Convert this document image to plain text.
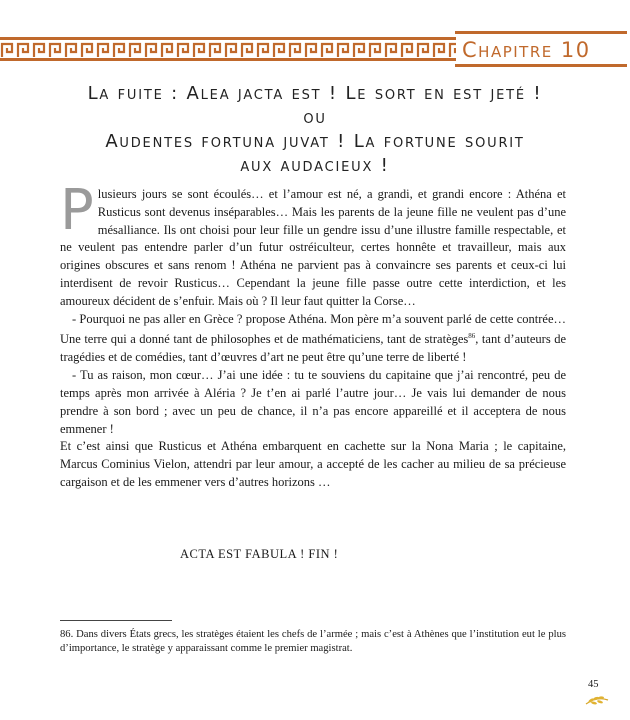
Chapitre 10
La fuite : Alea jacta est ! Le sort en est jeté !
ou
Audentes fortuna juvat ! La fortune sourit
aux audacieux !

Plusieurs jours se sont écoulés… et l’amour est né, a grandi, et grandi encore : Athéna et Rusticus sont devenus inséparables… Mais les parents de la jeune fille ne veulent pas d’une mésalliance. Ils ont choisi pour leur fille un gendre issu d’une illustre famille respectable, et ne veulent pas entendre parler d’un futur ostréiculteur, certes honnête et travailleur, mais aux origines obscures et sans renom ! Athéna ne parvient pas à convaincre ses parents et ceux-ci lui interdisent de revoir Rusticus… Cependant la jeune fille passe outre cette interdiction, et les amoureux décident de s’enfuir. Mais où ? Il leur faut quitter la Corse…

- Pourquoi ne pas aller en Grèce ? propose Athéna. Mon père m’a souvent parlé de cette contrée… Une terre qui a donné tant de philosophes et de mathématiciens, tant de stratèges$^{86}$, tant d’auteurs de tragédies et de comédies, tant d’œuvres d’art ne peut être qu’une terre de liberté !

- Tu as raison, mon cœur… J’ai une idée : tu te souviens du capitaine que j’ai rencontré, peu de temps après mon arrivée à Aléria ? Je t’en ai parlé l’autre jour… Je vais lui demander de nous prendre à son bord ; avec un peu de chance, il n’a pas encore appareillé et il acceptera de nous emmener !

Et c’est ainsi que Rusticus et Athéna embarquent en cachette sur la Nona Maria ; le capitaine, Marcus Cominius Vielon, attendri par leur amour, a accepté de les cacher au milieu de sa précieuse cargaison et de les emmener vers d’autres horizons …

ACTA EST FABULA ! FIN !
86. Dans divers États grecs, les stratèges étaient les chefs de l’armée ; mais c’est à Athènes que l’institution eut le plus d’importance, le stratège y apparaissant comme le premier magistrat.
45
